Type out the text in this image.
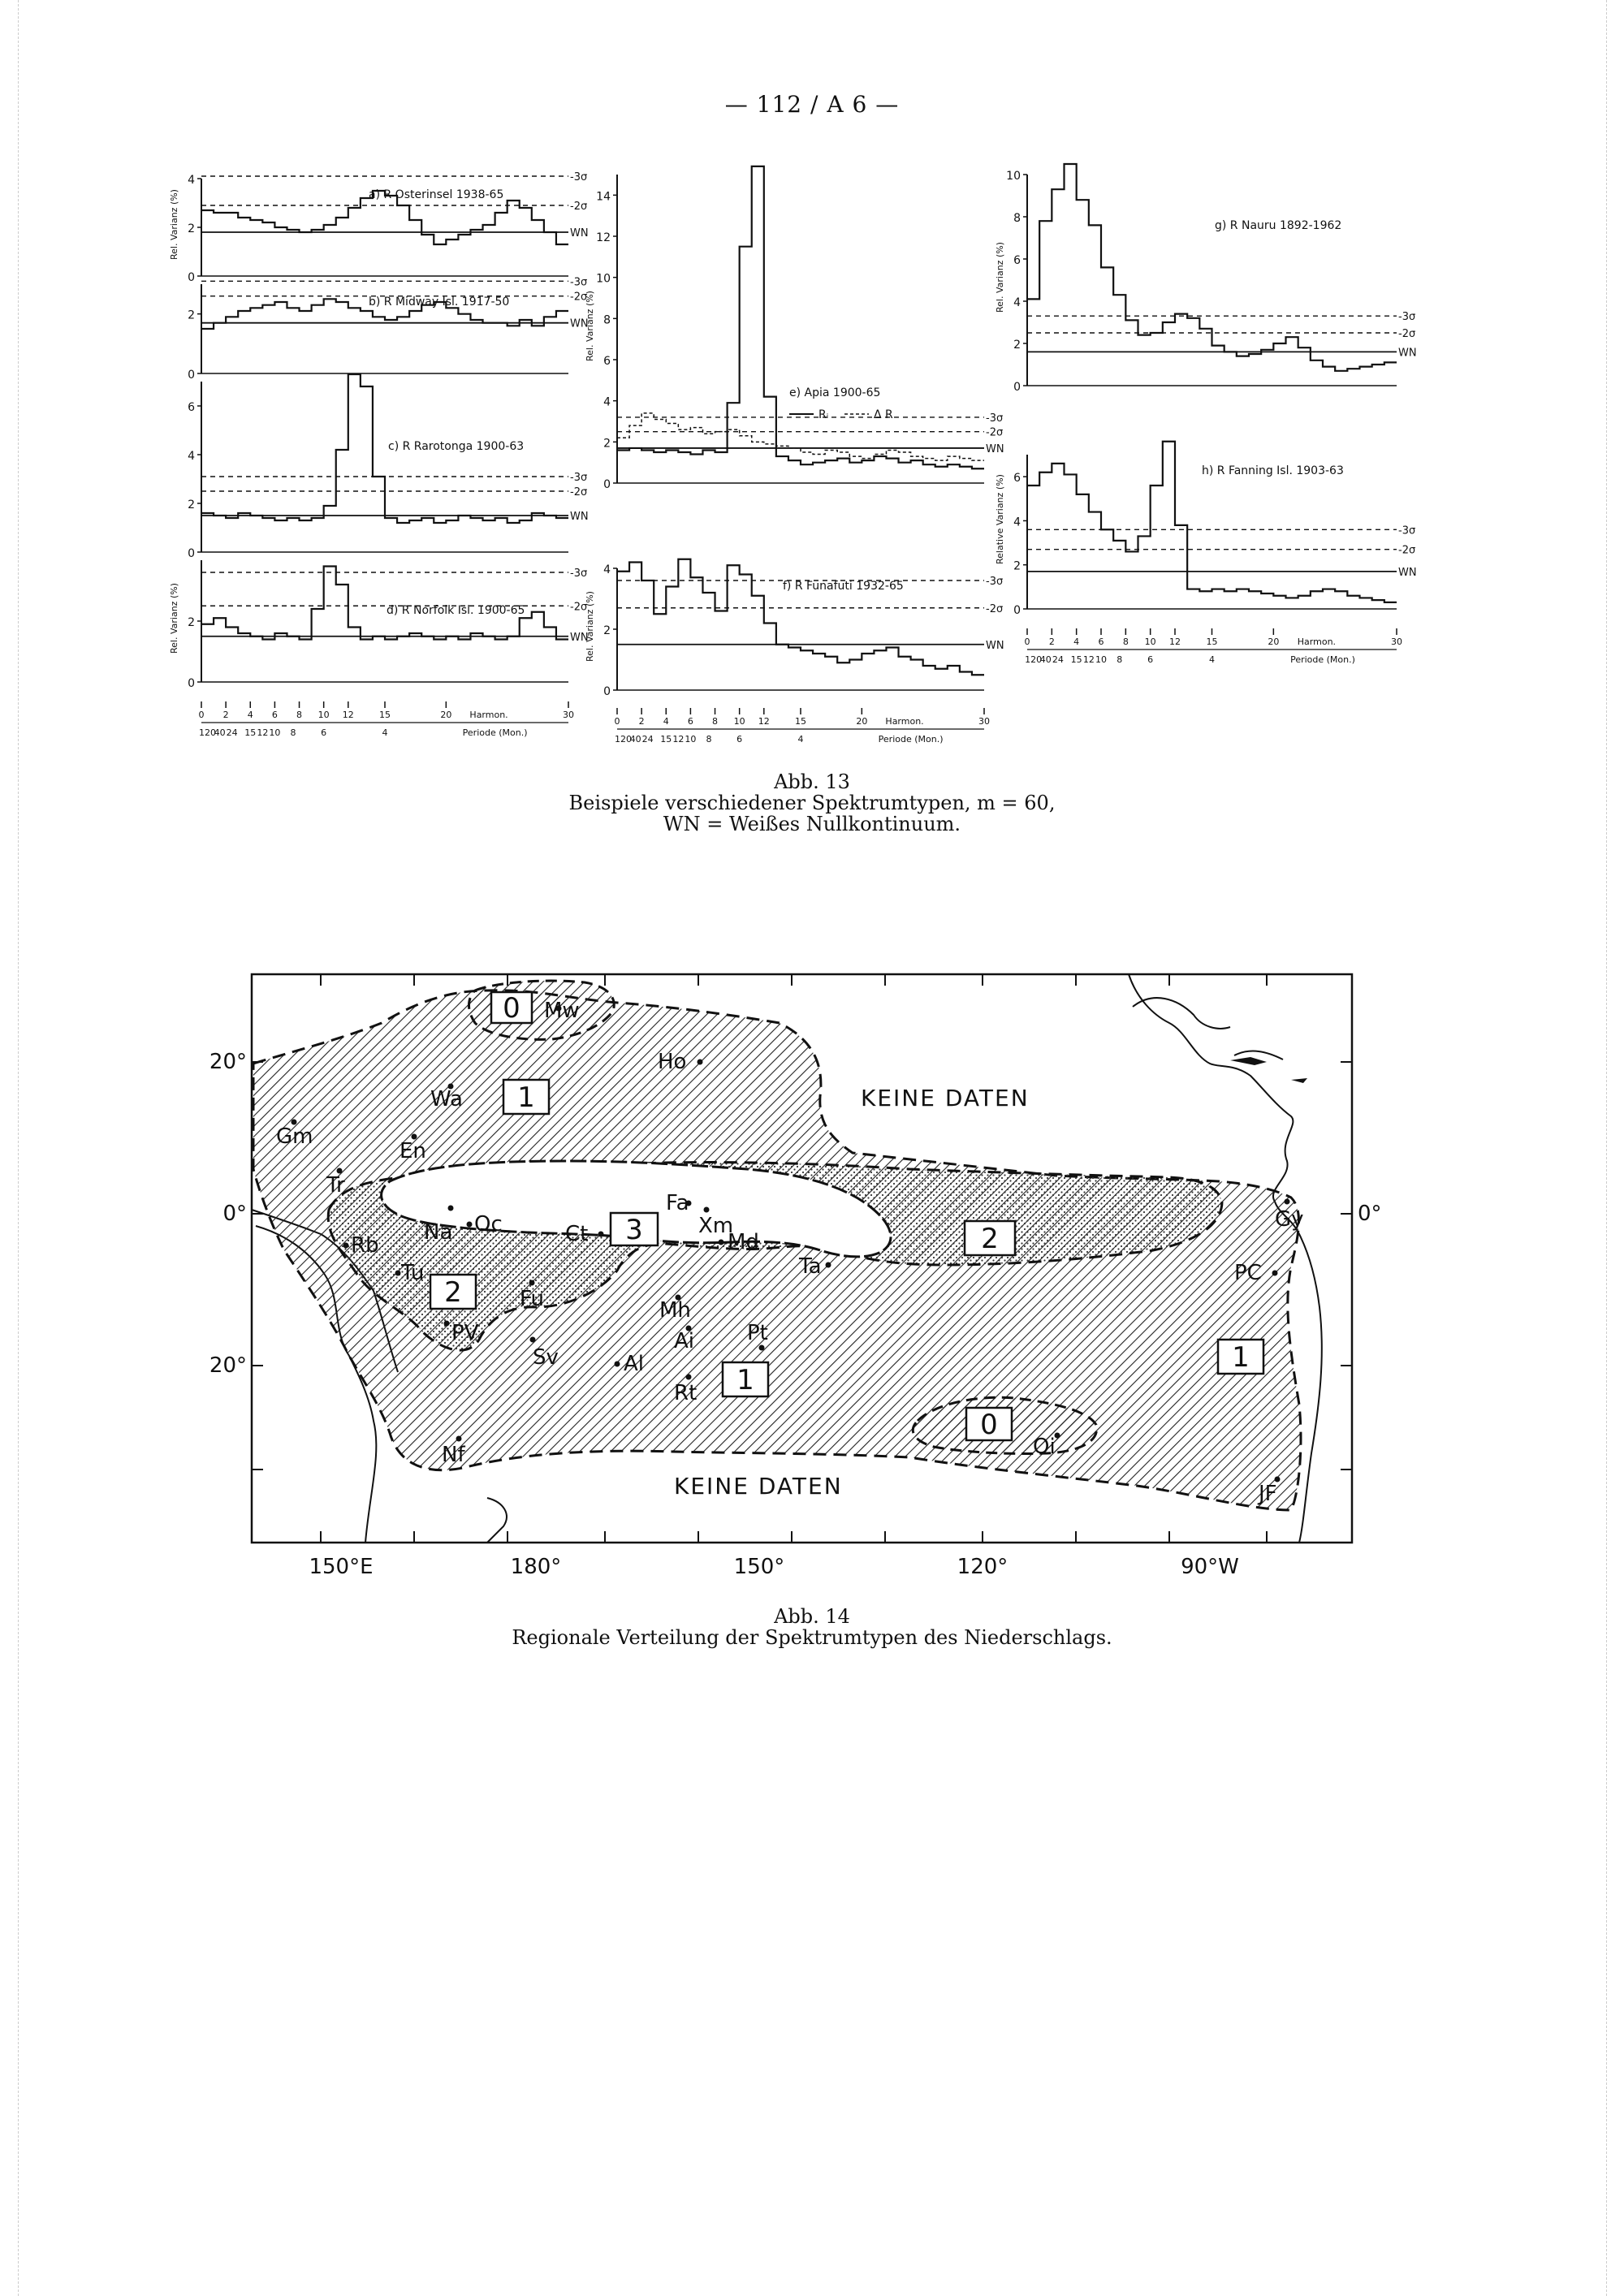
— 112 / A 6 —
0
2
4
WN
-2σ
-3σ
a) R Osterinsel 1938-65
Rel. Varianz (%)
0
2
WN
-2σ
-3σ
b) R Midway Isl. 1917-50
0
2
4
6
WN
-2σ
-3σ
c) R Rarotonga 1900-63
0
2
WN
-2σ
-3σ
d) R Norfolk Isl. 1900-65
Rel. Varianz (%)
0
2
4
6
8
10
12
14
WN
-2σ
-3σ
e) Apia 1900-65
Rel. Varianz (%)
0
2
4
WN
-2σ
-3σ
f) R Funafuti 1932-65
Rel. Varianz (%)
0
2
4
6
8
10
WN
-2σ
-3σ
g) R Nauru 1892-1962
Rel. Varianz (%)
0
2
4
6
WN
-2σ
-3σ
h) R Fanning Isl. 1903-63
Relative Varianz (%)
Rᵢ	Δ R
0 2 4 6 8 10 12	15	20	30
Harmon.
120
40 24 15 12 10 8	6	4	Periode (Mon.)
0 2 4 6 8 10 12	15	20	30
Harmon.
120
40 24 15 12 10 8	6	4	Periode (Mon.)
0 2 4 6 8 10 12	15	20	30
Harmon.
120
40 24 15 12 10 8	6	4	Periode (Mon.)
Abb. 13
Beispiele verschiedener Spektrumtypen, m = 60,
WN = Weißes Nullkontinuum.
0
1
2
3	2
1
0
1
KEINE DATEN
KEINE DATEN
20°
0°
20°
0°
150°E	180°	150°	120°	90°W
Mw
Ho
Wa
Gm
En
Tr
Na Oc	Ct
Fa
Xm
Md
Ta
Rb
Tu
Fu
PV
Sv
Mh
Ai
Al
Pt
Rt
Nf
Gy
PC
JF
Oi
Abb. 14
Regionale Verteilung der Spektrumtypen des Niederschlags.
